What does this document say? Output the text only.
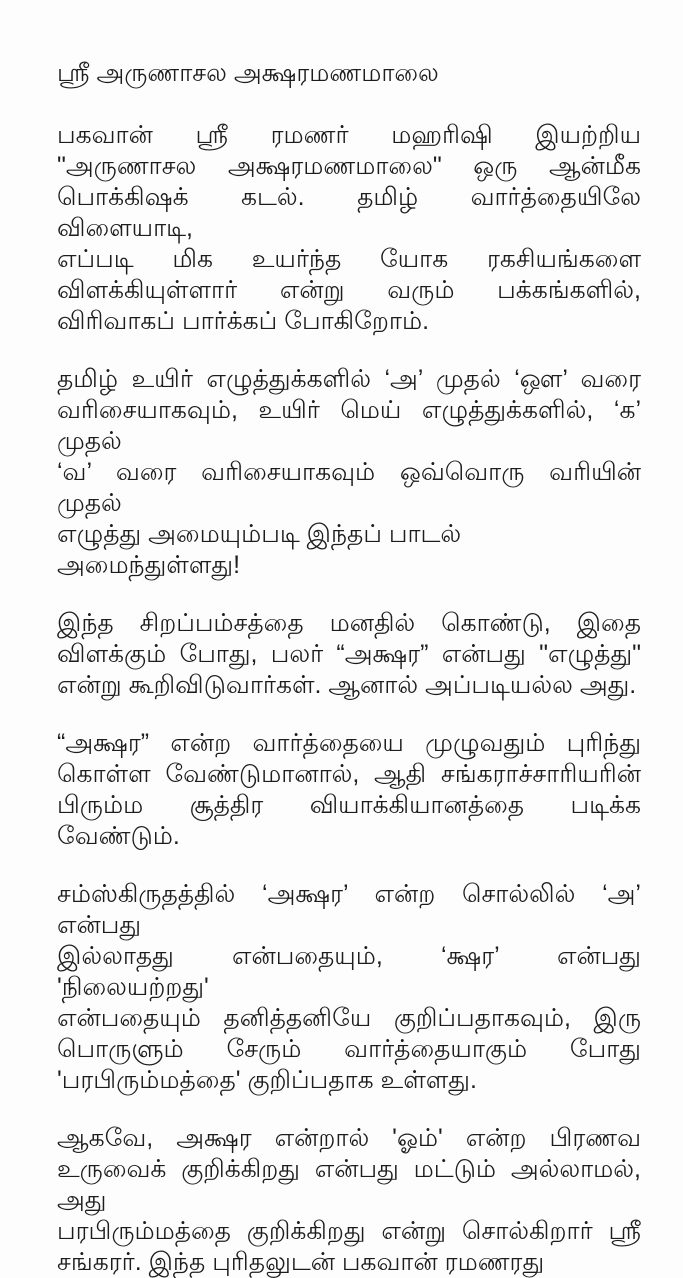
ஸ்ரீ அருணாசல அக்ஷரமணமாலை
பகவான் ஸ்ரீ ரமணர் மஹரிஷி இயற்றிய
"அருணாசல அக்ஷரமணமாலை" ஒரு ஆன்மீக
பொக்கிஷக் கடல். தமிழ் வார்த்தையிலே விளையாடி,
எப்படி மிக உயர்ந்த யோக ரகசியங்களை
விளக்கியுள்ளார் என்று வரும் பக்கங்களில்,
விரிவாகப் பார்க்கப் போகிறோம்.
தமிழ் உயிர் எழுத்துக்களில் ‘அ’ முதல் ‘ஔ’ வரை
வரிசையாகவும், உயிர் மெய் எழுத்துக்களில், ‘க’ முதல்
‘வ’ வரை வரிசையாகவும் ஒவ்வொரு வரியின் முதல்
எழுத்து அமையும்படி இந்தப் பாடல் அமைந்துள்ளது!
இந்த சிறப்பம்சத்தை மனதில் கொண்டு, இதை
விளக்கும் போது, பலர் “அக்ஷர” என்பது "எழுத்து"
என்று கூறிவிடுவார்கள். ஆனால் அப்படியல்ல அது.
“அக்ஷர” என்ற வார்த்தையை முழுவதும் புரிந்து
கொள்ள வேண்டுமானால், ஆதி சங்கராச்சாரியரின்
பிரும்ம சூத்திர வியாக்கியானத்தை படிக்க
வேண்டும்.
சம்ஸ்கிருதத்தில் ‘அக்ஷர’ என்ற சொல்லில் ‘அ’ என்பது
இல்லாதது என்பதையும், ‘க்ஷர’ என்பது 'நிலையற்றது'
என்பதையும் தனித்தனியே குறிப்பதாகவும், இரு
பொருளும் சேரும் வார்த்தையாகும் போது
'பரபிரும்மத்தை' குறிப்பதாக உள்ளது.
ஆகவே, அக்ஷர என்றால் 'ஓம்' என்ற பிரணவ
உருவைக் குறிக்கிறது என்பது மட்டும் அல்லாமல், அது
பரபிரும்மத்தை குறிக்கிறது என்று சொல்கிறார் ஸ்ரீ
சங்கரர். இந்த புரிதலுடன் பகவான் ரமணரது
